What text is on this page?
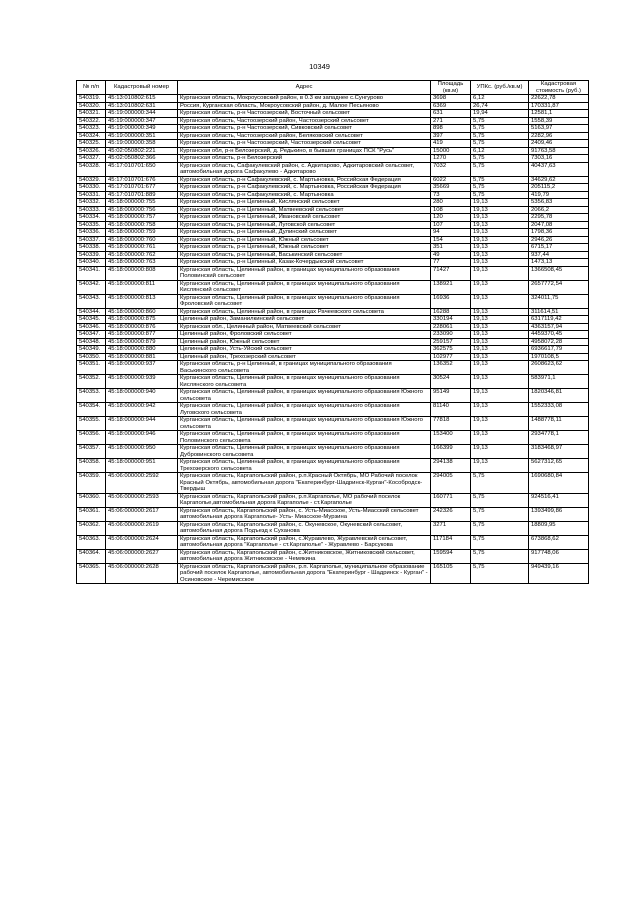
10349
№ п/п	Кадастровый номер	Адрес	Площадь (кв.м)	УПКс. (руб./кв.м)	Кадастровая стоимость (руб.)
540319.	45:13:010802:615	Курганская область, Мокроусовский район, в 0.3 км западнее с.Сунгурово	3698	6,12	22622,78
540320.	45:13:010802:631	Россия, Курганская область, Мокроусовский район, д. Малое Песьяново	6369	26,74	170331,87
540321.	45:19:000000:344	Курганская область, р-н Частоозерский, Восточный сельсовет	631	19,94	12581,1
540322.	45:19:000000:347	Курганская область, Частоозерский район, Частоозерский сельсовет	271	5,75	1558,39
540323.	45:19:000000:349	Курганская область, р-н Частоозерский, Сивковский сельсовет	898	5,75	5163,97
540324.	45:19:000000:351	Курганская область, Частоозерский район, Беляковский сельсовет	397	5,75	2282,96
540325.	45:19:000000:358	Курганская область, р-н Частоозерский, Частоозерский сельсовет	419	5,75	2409,46
540326.	45:02:050802:221	Курганская обл, р-н Белозерский, д. Редькино, в бывших границах ПСК "Русь"	15000	6,12	91763,58
540327.	45:02:050802:366	Курганская область, р-н Белозерский	1270	5,75	7303,16
540328.	45:17:010701:650	Курганская область, Сафакулевский район, с. Адкитарово, Адкитаровский сельсовет, автомобильная дорога Сафакулево - Адкитарово	7032	5,75	40437,63
540329.	45:17:010701:676	Курганская область, р-н Сафакулевский, с. Мартыновка, Российская Федерация	6022	5,75	34629,62
540330.	45:17:010701:677	Курганская область, р-н Сафакулевский, с. Мартыновка, Российская Федерация	35669	5,75	205115,2
540331.	45:17:010701:889	Курганская область, р-н Сафакулевский, с. Мартыновка	73	5,75	419,79
540332.	45:18:000000:755	Курганская область, р-н Целинный, Кислянский сельсовет	280	19,13	5356,83
540333.	45:18:000000:756	Курганская область, р-н Целинный, Матвеевский сельсовет	108	19,13	2066,2
540334.	45:18:000000:757	Курганская область, р-н Целинный, Ивановский сельсовет	120	19,13	2295,78
540335.	45:18:000000:758	Курганская область, р-н Целинный, Луговской сельсовет	107	19,13	2047,08
540336.	45:18:000000:759	Курганская область, р-н Целинный, Дулинский сельсовет	94	19,13	1798,36
540337.	45:18:000000:760	Курганская область, р-н Целинный, Южный сельсовет	154	19,13	2946,26
540338.	45:18:000000:761	Курганская область, р-н Целинный, Южный сельсовет	351	19,13	6715,17
540339.	45:18:000000:762	Курганская область, р-н Целинный, Васькинский сельсовет	49	19,13	937,44
540340.	45:18:000000:763	Курганская область, р-н Целинный, Казак-Кочердыкский сельсовет	77	19,13	1473,13
540341.	45:18:000000:808	Курганская область, Целинный район, в границах муниципального образования Половинский сельсовет	71427	19,13	1366508,45
540342.	45:18:000000:811	Курганская область, Целинный район, в границах муниципального образования Кислянский сельсовет	138921	19,13	2657772,54
540343.	45:18:000000:813	Курганская область, Целинный район, в границах муниципального образования Фроловский сельсовет	16936	19,13	324011,75
540344.	45:18:000000:860	Курганская область, Целинный район, в границах Рачеевского сельсовета	16288	19,13	311614,51
540345.	45:18:000000:875	Целинный район, Заманилкинский сельсовет	330194	19,13	6317119,42
540346.	45:18:000000:876	Курганская обл., Целинный район, Матвеевский сельсовет	228061	19,13	4363157,94
540347.	45:18:000000:877	Целинный район, Фроловский сельсовет	233090	19,13	4459370,45
540348.	45:18:000000:879	Целинный район, Южный сельсовет	259157	19,13	4958072,28
540349.	45:18:000000:880	Целинный район, Усть-Уйский сельсовет	362575	19,13	6936617,79
540350.	45:18:000000:881	Целинный район, Трехозерский сельсовет	102977	19,13	1970108,5
540351.	45:18:000000:937	Курганская область, р-н Целинный, в границах муниципального образования Васькинского сельсовета	136352	19,13	2608623,62
540352.	45:18:000000:939	Курганская область, Целинный район, в границах муниципального образования Кислянского сельсовета	30524	19,13	583971,1
540353.	45:18:000000:940	Курганская область, Целинный район, в границах муниципального образования Южного сельсовета	95149	19,13	1820346,81
540354.	45:18:000000:942	Курганская область, Целинный район, в границах муниципального образования Луговского сельсовета	81140	19,13	1552333,08
540355.	45:18:000000:944	Курганская область, Целинный район, в границах муниципального образования Южного сельсовета	77818	19,13	1488778,11
540356.	45:18:000000:946	Курганская область, Целинный район, в границах муниципального образования Половинского сельсовета	153400	19,13	2934778,1
540357.	45:18:000000:950	Курганская область, Целинный район, в границах муниципального образования Дубровинского сельсовета	166399	19,13	3183468,97
540358.	45:18:000000:951	Курганская область, Целинный район, в границах муниципального образования Трехозерского сельсовета	294138	19,13	5627312,65
540359.	45:06:000000:2592	Курганская область, Каргапольский район, р.п.Красный Октябрь, МО Рабочий поселок Красный Октябрь, автомобильная дорога "Екатеринбург-Шадринск-Курган"-Кособродск-Твердыш	294005	5,75	1690680,84
540360.	45:06:000000:2593	Курганская область, Каргапольский район, р.п.Каргаполье, МО рабочий поселок Каргаполье,автомобильная дорога Каргаполье - ст.Каргаполье	160771	5,75	924516,41
540361.	45:06:000000:2617	Курганская область, Каргапольский район, с. Усть-Миасское, Усть-Миасский сельсовет автомобильная дорога Каргаполье- Усть- Миасское-Мурзина	242326	5,75	1393499,86
540362.	45:06:000000:2619	Курганская область, Каргапольский район, с. Окуневское, Окуневский сельсовет, автомобильная дорога Подъезд к Суханова	3271	5,75	18809,95
540363.	45:06:000000:2624	Курганская область, Каргапольский район, с.Журавлево, Журавлевский сельсовет, автомобильная дорога "Каргаполье - ст.Каргаполье" - Журавлево - Барсукова	117184	5,75	673868,62
540364.	45:06:000000:2627	Курганская область, Каргапольский район, с.Житниковское, Житниковский сельсовет, автомобильная дорога Житниковское - Чемякина	159594	5,75	917748,06
540365.	45:06:000000:2628	Курганская область, Каргапольский район, р.п. Каргаполье, муниципальное образование рабочий поселок Каргаполье, автомобильная дорога "Екатеринбург - Шадринск - Курган" - Осиновское - Черемисское	165105	5,75	949439,16
